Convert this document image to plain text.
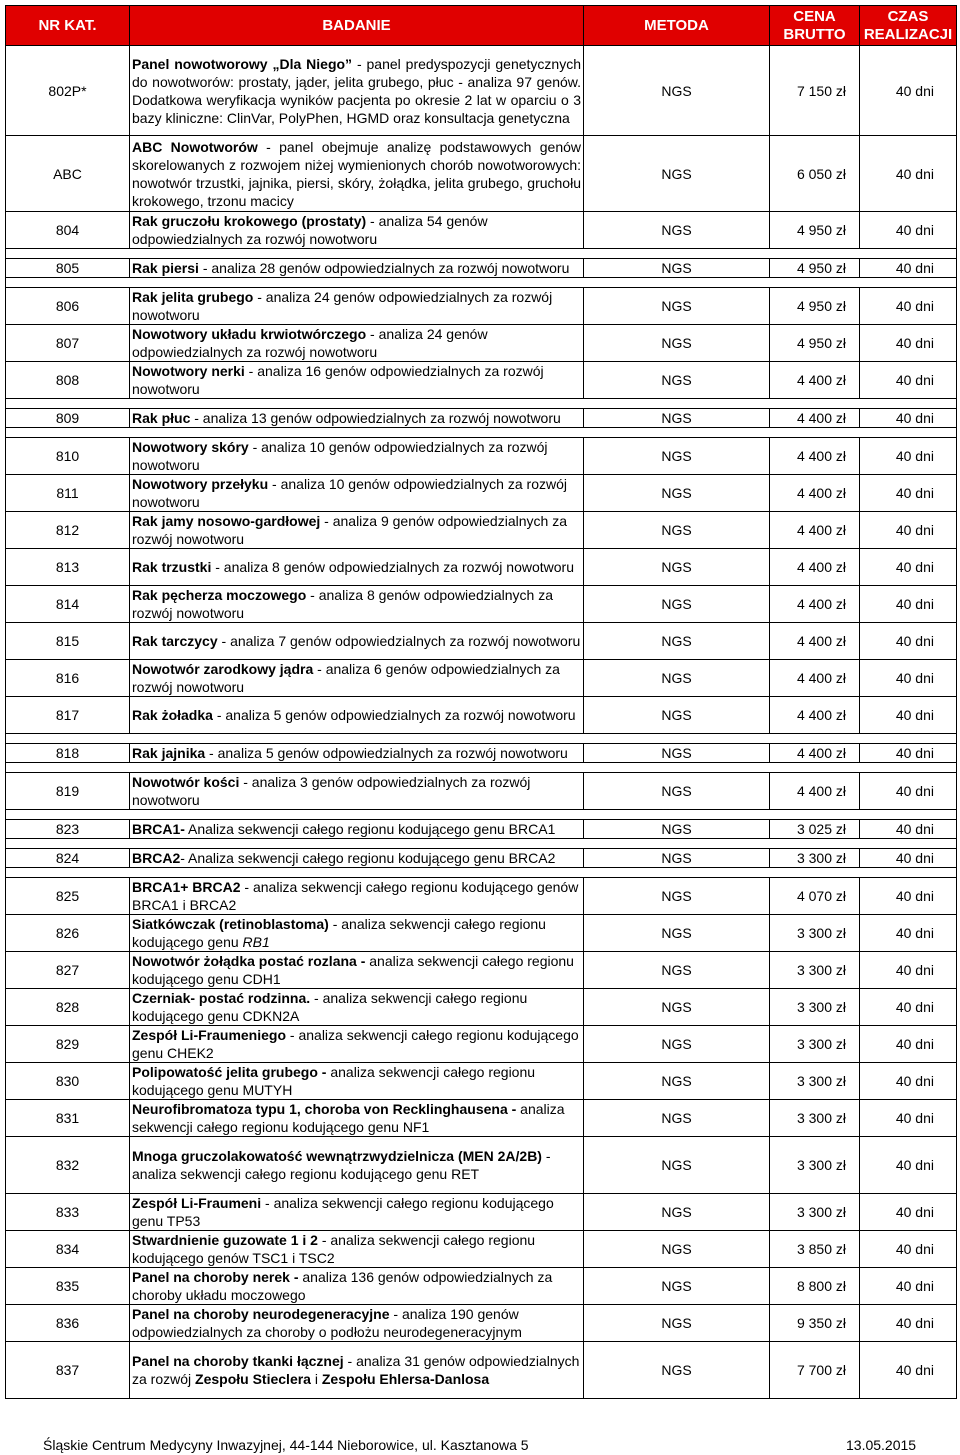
NR KAT.	BADANIE	METODA	CENA BRUTTO	CZAS REALIZACJI
802P*	Panel nowotworowy „Dla Niego” - panel predyspozycji genetycznych do nowotworów: prostaty, jąder, jelita grubego, płuc - analiza 97 genów. Dodatkowa weryfikacja wyników pacjenta po okresie 2 lat w oparciu o 3 bazy kliniczne: ClinVar, PolyPhen, HGMD oraz konsultacja genetyczna	NGS	7 150 zł	40 dni
ABC	ABC Nowotworów - panel obejmuje analizę podstawowych genów skorelowanych z rozwojem niżej wymienionych chorób nowotworowych: nowotwór trzustki, jajnika, piersi, skóry, żołądka, jelita grubego, gruchołu krokowego, trzonu macicy	NGS	6 050 zł	40 dni
804	Rak gruczołu krokowego (prostaty) - analiza 54 genów odpowiedzialnych za rozwój nowotworu	NGS	4 950 zł	40 dni

805	Rak piersi - analiza 28 genów odpowiedzialnych za rozwój nowotworu	NGS	4 950 zł	40 dni

806	Rak jelita grubego - analiza 24 genów odpowiedzialnych za rozwój nowotworu	NGS	4 950 zł	40 dni
807	Nowotwory układu krwiotwórczego - analiza 24 genów odpowiedzialnych za rozwój nowotworu	NGS	4 950 zł	40 dni
808	Nowotwory nerki - analiza 16 genów odpowiedzialnych za rozwój nowotworu	NGS	4 400 zł	40 dni

809	Rak płuc - analiza 13 genów odpowiedzialnych za rozwój nowotworu	NGS	4 400 zł	40 dni

810	Nowotwory skóry - analiza 10 genów odpowiedzialnych za rozwój nowotworu	NGS	4 400 zł	40 dni
811	Nowotwory przełyku - analiza 10 genów odpowiedzialnych za rozwój nowotworu	NGS	4 400 zł	40 dni
812	Rak jamy nosowo-gardłowej - analiza 9 genów odpowiedzialnych za rozwój nowotworu	NGS	4 400 zł	40 dni
813	Rak trzustki - analiza 8 genów odpowiedzialnych za rozwój nowotworu	NGS	4 400 zł	40 dni
814	Rak pęcherza moczowego - analiza 8 genów odpowiedzialnych za rozwój nowotworu	NGS	4 400 zł	40 dni
815	Rak tarczycy - analiza 7 genów odpowiedzialnych za rozwój nowotworu	NGS	4 400 zł	40 dni
816	Nowotwór zarodkowy jądra - analiza 6 genów odpowiedzialnych za rozwój nowotworu	NGS	4 400 zł	40 dni
817	Rak żoładka - analiza 5 genów odpowiedzialnych za rozwój nowotworu	NGS	4 400 zł	40 dni

818	Rak jajnika - analiza 5 genów odpowiedzialnych za rozwój nowotworu	NGS	4 400 zł	40 dni

819	Nowotwór kości - analiza 3 genów odpowiedzialnych za rozwój nowotworu	NGS	4 400 zł	40 dni

823	BRCA1- Analiza sekwencji całego regionu kodującego genu BRCA1	NGS	3 025 zł	40 dni

824	BRCA2- Analiza sekwencji całego regionu kodującego genu BRCA2	NGS	3 300 zł	40 dni

825	BRCA1+ BRCA2 - analiza sekwencji całego regionu kodującego genów BRCA1 i BRCA2	NGS	4 070 zł	40 dni
826	Siatkówczak (retinoblastoma) - analiza sekwencji całego regionu kodującego genu RB1	NGS	3 300 zł	40 dni
827	Nowotwór żołądka postać rozlana - analiza sekwencji całego regionu kodującego genu CDH1	NGS	3 300 zł	40 dni
828	Czerniak- postać rodzinna. - analiza sekwencji całego regionu kodującego genu CDKN2A	NGS	3 300 zł	40 dni
829	Zespół Li-Fraumeniego - analiza sekwencji całego regionu kodującego genu CHEK2	NGS	3 300 zł	40 dni
830	Polipowatość jelita grubego - analiza sekwencji całego regionu kodującego genu MUTYH	NGS	3 300 zł	40 dni
831	Neurofibromatoza typu 1, choroba von Recklinghausena - analiza sekwencji całego regionu kodującego genu NF1	NGS	3 300 zł	40 dni
832	Mnoga gruczolakowatość wewnątrzwydzielnicza (MEN 2A/2B) - analiza sekwencji całego regionu kodującego genu RET	NGS	3 300 zł	40 dni
833	Zespół Li-Fraumeni - analiza sekwencji całego regionu kodującego genu TP53	NGS	3 300 zł	40 dni
834	Stwardnienie guzowate 1 i 2 - analiza sekwencji całego regionu kodującego genów TSC1 i TSC2	NGS	3 850 zł	40 dni
835	Panel na choroby nerek - analiza 136 genów odpowiedzialnych za choroby układu moczowego	NGS	8 800 zł	40 dni
836	Panel na choroby neurodegeneracyjne - analiza 190 genów odpowiedzialnych za choroby o podłożu neurodegeneracyjnym	NGS	9 350 zł	40 dni
837	Panel na choroby tkanki łącznej - analiza 31 genów odpowiedzialnych za rozwój Zespołu Stieclera i Zespołu Ehlersa-Danlosa	NGS	7 700 zł	40 dni
Śląskie Centrum Medycyny Inwazyjnej, 44-144 Nieborowice, ul. Kasztanowa 5	13.05.2015
